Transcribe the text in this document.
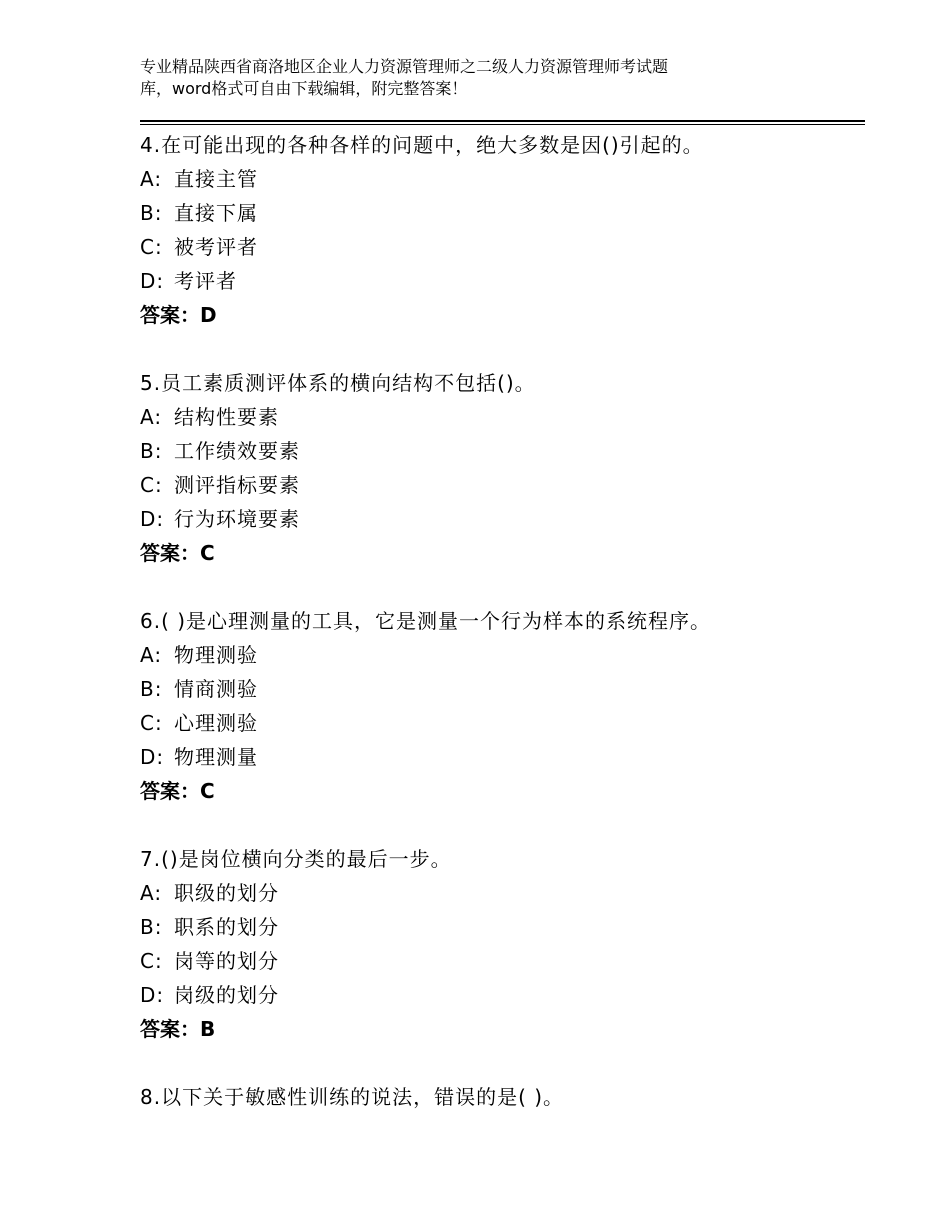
专业精品陕西省商洛地区企业人力资源管理师之二级人力资源管理师考试题
库，word格式可自由下载编辑，附完整答案！
4.在可能出现的各种各样的问题中，绝大多数是因()引起的。
A: 直接主管
B: 直接下属
C: 被考评者
D: 考评者
答案：D
5.员工素质测评体系的横向结构不包括()。
A: 结构性要素
B: 工作绩效要素
C: 测评指标要素
D: 行为环境要素
答案：C
6.( )是心理测量的工具，它是测量一个行为样本的系统程序。
A: 物理测验
B: 情商测验
C: 心理测验
D: 物理测量
答案：C
7.()是岗位横向分类的最后一步。
A: 职级的划分
B: 职系的划分
C: 岗等的划分
D: 岗级的划分
答案：B
8.以下关于敏感性训练的说法，错误的是( )。
